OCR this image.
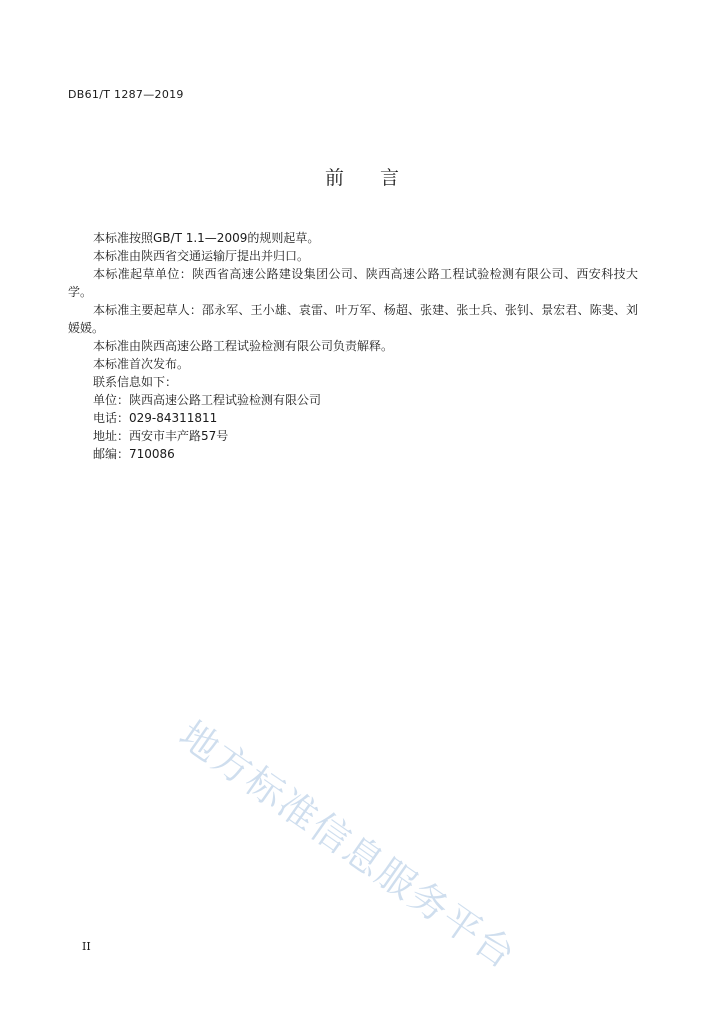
DB61/T 1287—2019
前言

本标准按照GB/T 1.1—2009的规则起草。

本标准由陕西省交通运输厅提出并归口。

本标准起草单位：陕西省高速公路建设集团公司、陕西高速公路工程试验检测有限公司、西安科技大学。

本标准主要起草人：邵永军、王小雄、袁雷、叶万军、杨超、张建、张士兵、张钊、景宏君、陈斐、刘媛媛。

本标准由陕西高速公路工程试验检测有限公司负责解释。

本标准首次发布。

联系信息如下：

单位：陕西高速公路工程试验检测有限公司

电话：029-84311811

地址：西安市丰产路57号

邮编：710086

地方标准信息服务平台
II
